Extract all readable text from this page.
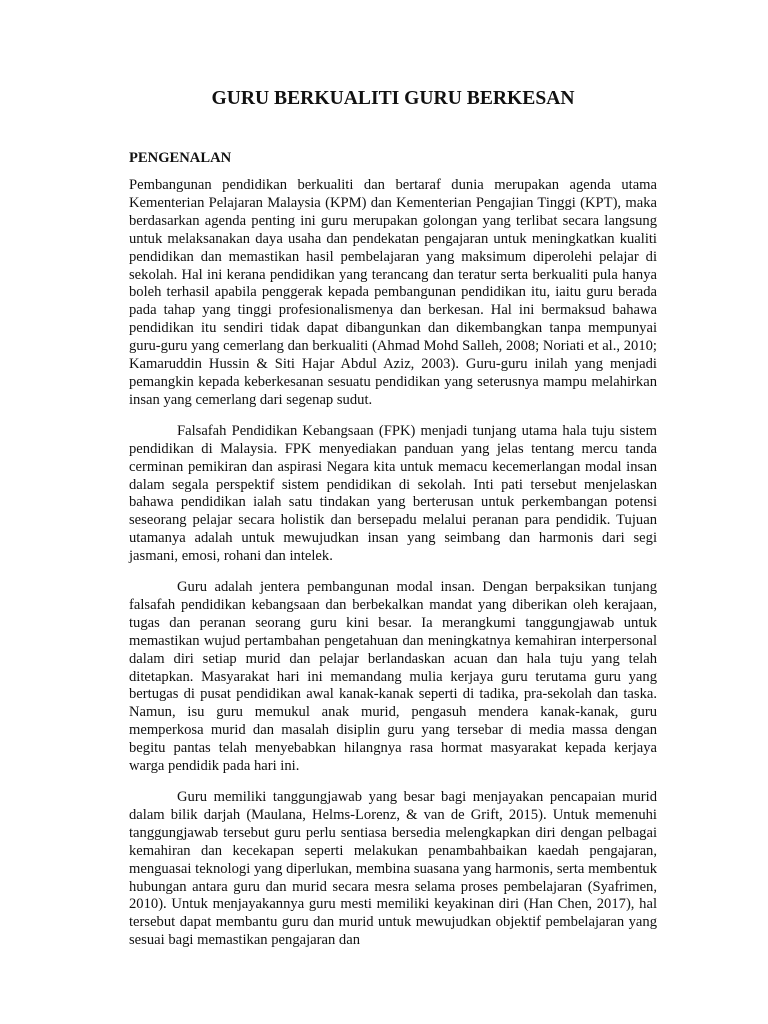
GURU BERKUALITI GURU BERKESAN
PENGENALAN

Pembangunan pendidikan berkualiti dan bertaraf dunia merupakan agenda utama Kementerian Pelajaran Malaysia (KPM) dan Kementerian Pengajian Tinggi (KPT), maka berdasarkan agenda penting ini guru merupakan golongan yang terlibat secara langsung untuk melaksanakan daya usaha dan pendekatan pengajaran untuk meningkatkan kualiti pendidikan dan memastikan hasil pembelajaran yang maksimum diperolehi pelajar di sekolah. Hal ini kerana pendidikan yang terancang dan teratur serta berkualiti pula hanya boleh terhasil apabila penggerak kepada pembangunan pendidikan itu, iaitu guru berada pada tahap yang tinggi profesionalismenya dan berkesan. Hal ini bermaksud bahawa pendidikan itu sendiri tidak dapat dibangunkan dan dikembangkan tanpa mempunyai guru-guru yang cemerlang dan berkualiti (Ahmad Mohd Salleh, 2008; Noriati et al., 2010; Kamaruddin Hussin & Siti Hajar Abdul Aziz, 2003). Guru-guru inilah yang menjadi pemangkin kepada keberkesanan sesuatu pendidikan yang seterusnya mampu melahirkan insan yang cemerlang dari segenap sudut.

Falsafah Pendidikan Kebangsaan (FPK) menjadi tunjang utama hala tuju sistem pendidikan di Malaysia. FPK menyediakan panduan yang jelas tentang mercu tanda cerminan pemikiran dan aspirasi Negara kita untuk memacu kecemerlangan modal insan dalam segala perspektif sistem pendidikan di sekolah. Inti pati tersebut menjelaskan bahawa pendidikan ialah satu tindakan yang berterusan untuk perkembangan potensi seseorang pelajar secara holistik dan bersepadu melalui peranan para pendidik. Tujuan utamanya adalah untuk mewujudkan insan yang seimbang dan harmonis dari segi jasmani, emosi, rohani dan intelek.

Guru adalah jentera pembangunan modal insan. Dengan berpaksikan tunjang falsafah pendidikan kebangsaan dan berbekalkan mandat yang diberikan oleh kerajaan, tugas dan peranan seorang guru kini besar. Ia merangkumi tanggungjawab untuk memastikan wujud pertambahan pengetahuan dan meningkatnya kemahiran interpersonal dalam diri setiap murid dan pelajar berlandaskan acuan dan hala tuju yang telah ditetapkan. Masyarakat hari ini memandang mulia kerjaya guru terutama guru yang bertugas di pusat pendidikan awal kanak-kanak seperti di tadika, pra-sekolah dan taska. Namun, isu guru memukul anak murid, pengasuh mendera kanak-kanak, guru memperkosa murid dan masalah disiplin guru yang tersebar di media massa dengan begitu pantas telah menyebabkan hilangnya rasa hormat masyarakat kepada kerjaya warga pendidik pada hari ini.

Guru memiliki tanggungjawab yang besar bagi menjayakan pencapaian murid dalam bilik darjah (Maulana, Helms-Lorenz, & van de Grift, 2015). Untuk memenuhi tanggungjawab tersebut guru perlu sentiasa bersedia melengkapkan diri dengan pelbagai kemahiran dan kecekapan seperti melakukan penambahbaikan kaedah pengajaran, menguasai teknologi yang diperlukan, membina suasana yang harmonis, serta membentuk hubungan antara guru dan murid secara mesra selama proses pembelajaran (Syafrimen, 2010). Untuk menjayakannya guru mesti memiliki keyakinan diri (Han Chen, 2017), hal tersebut dapat membantu guru dan murid untuk mewujudkan objektif pembelajaran yang sesuai bagi memastikan pengajaran dan
